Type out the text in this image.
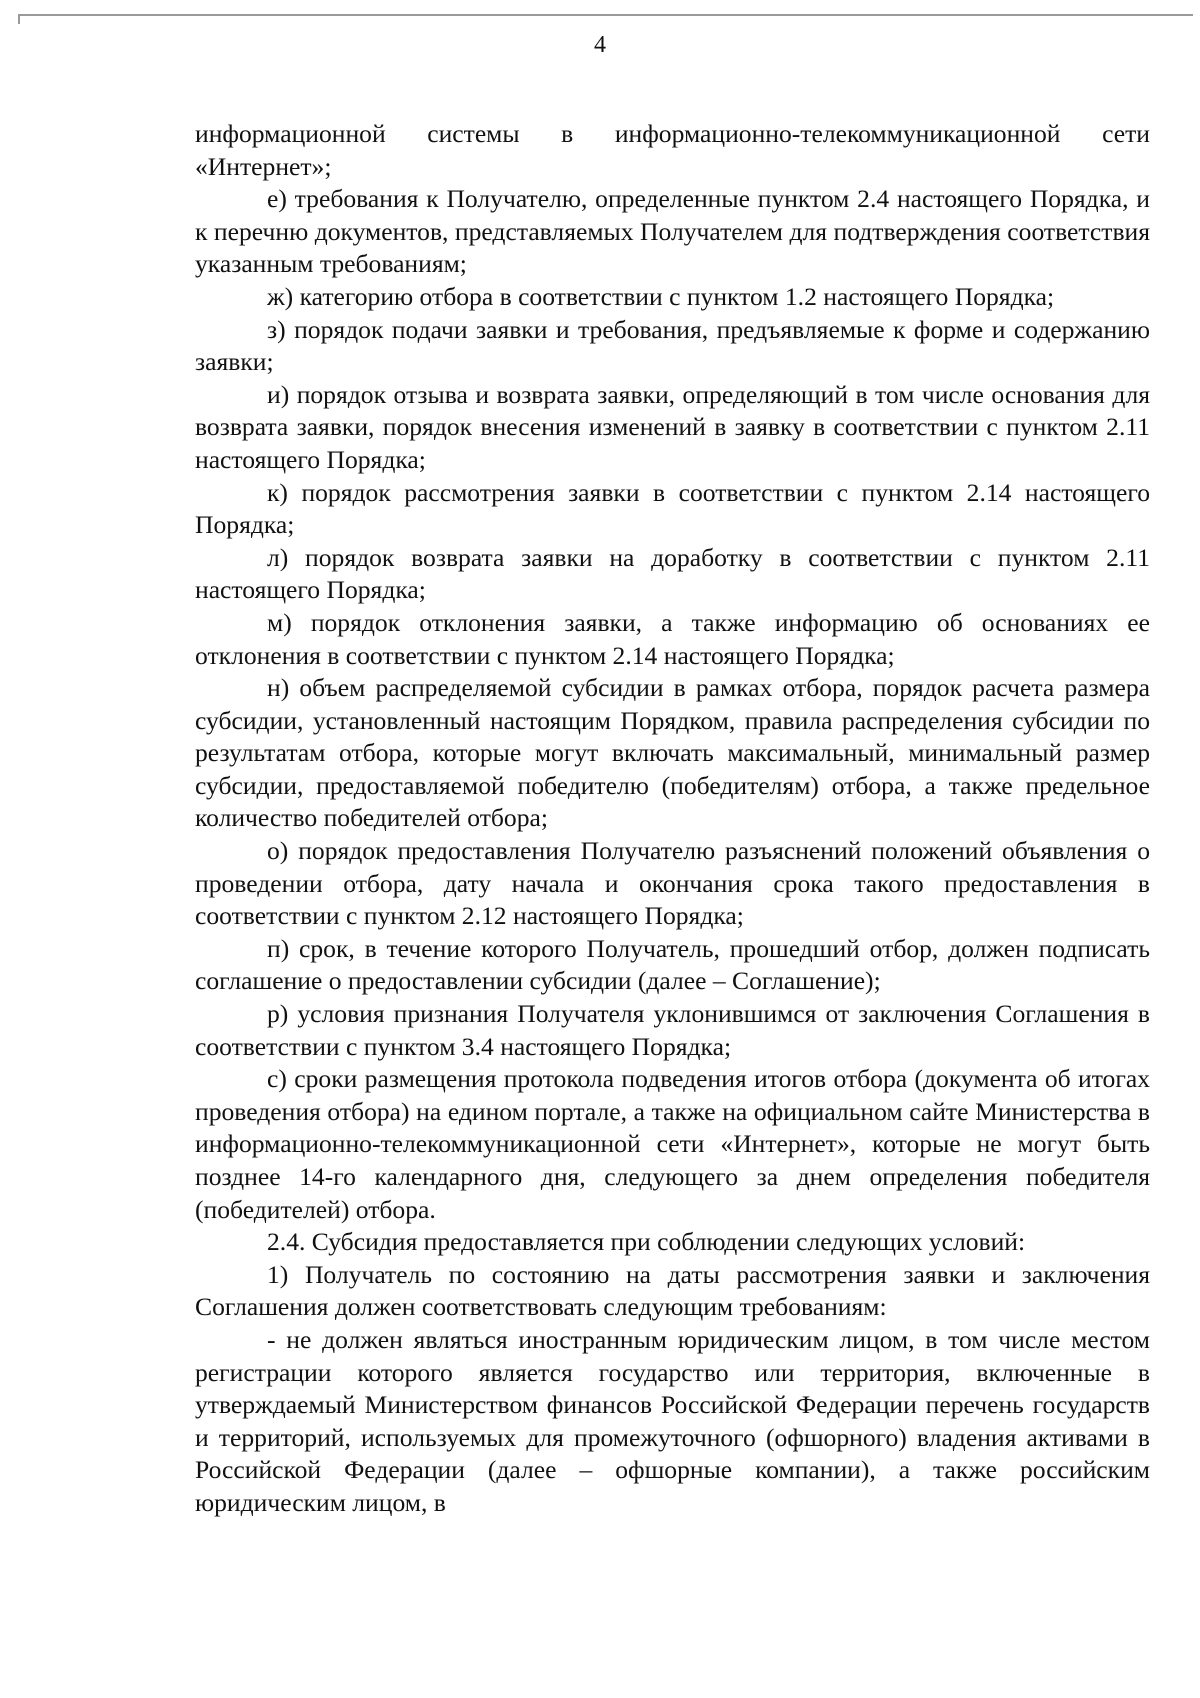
4

информационной системы в информационно-телекоммуникационной сети «Интернет»;

е) требования к Получателю, определенные пунктом 2.4 настоящего Порядка, и к перечню документов, представляемых Получателем для подтверждения соответствия указанным требованиям;

ж) категорию отбора в соответствии с пунктом 1.2 настоящего Порядка;

з) порядок подачи заявки и требования, предъявляемые к форме и содержанию заявки;

и) порядок отзыва и возврата заявки, определяющий в том числе основания для возврата заявки, порядок внесения изменений в заявку в соответствии с пунктом 2.11 настоящего Порядка;

к) порядок рассмотрения заявки в соответствии с пунктом 2.14 настоящего Порядка;

л) порядок возврата заявки на доработку в соответствии с пунктом 2.11 настоящего Порядка;

м) порядок отклонения заявки, а также информацию об основаниях ее отклонения в соответствии с пунктом 2.14 настоящего Порядка;

н) объем распределяемой субсидии в рамках отбора, порядок расчета размера субсидии, установленный настоящим Порядком, правила распределения субсидии по результатам отбора, которые могут включать максимальный, минимальный размер субсидии, предоставляемой победителю (победителям) отбора, а также предельное количество победителей отбора;

о) порядок предоставления Получателю разъяснений положений объявления о проведении отбора, дату начала и окончания срока такого предоставления в соответствии с пунктом 2.12 настоящего Порядка;

п) срок, в течение которого Получатель, прошедший отбор, должен подписать соглашение о предоставлении субсидии (далее – Соглашение);

р) условия признания Получателя уклонившимся от заключения Соглашения в соответствии с пунктом 3.4 настоящего Порядка;

с) сроки размещения протокола подведения итогов отбора (документа об итогах проведения отбора) на едином портале, а также на официальном сайте Министерства в информационно-телекоммуникационной сети «Интернет», которые не могут быть позднее 14-го календарного дня, следующего за днем определения победителя (победителей) отбора.

2.4. Субсидия предоставляется при соблюдении следующих условий:

1) Получатель по состоянию на даты рассмотрения заявки и заключения Соглашения должен соответствовать следующим требованиям:

- не должен являться иностранным юридическим лицом, в том числе местом регистрации которого является государство или территория, включенные в утверждаемый Министерством финансов Российской Федерации перечень государств и территорий, используемых для промежуточного (офшорного) владения активами в Российской Федерации (далее – офшорные компании), а также российским юридическим лицом, в
